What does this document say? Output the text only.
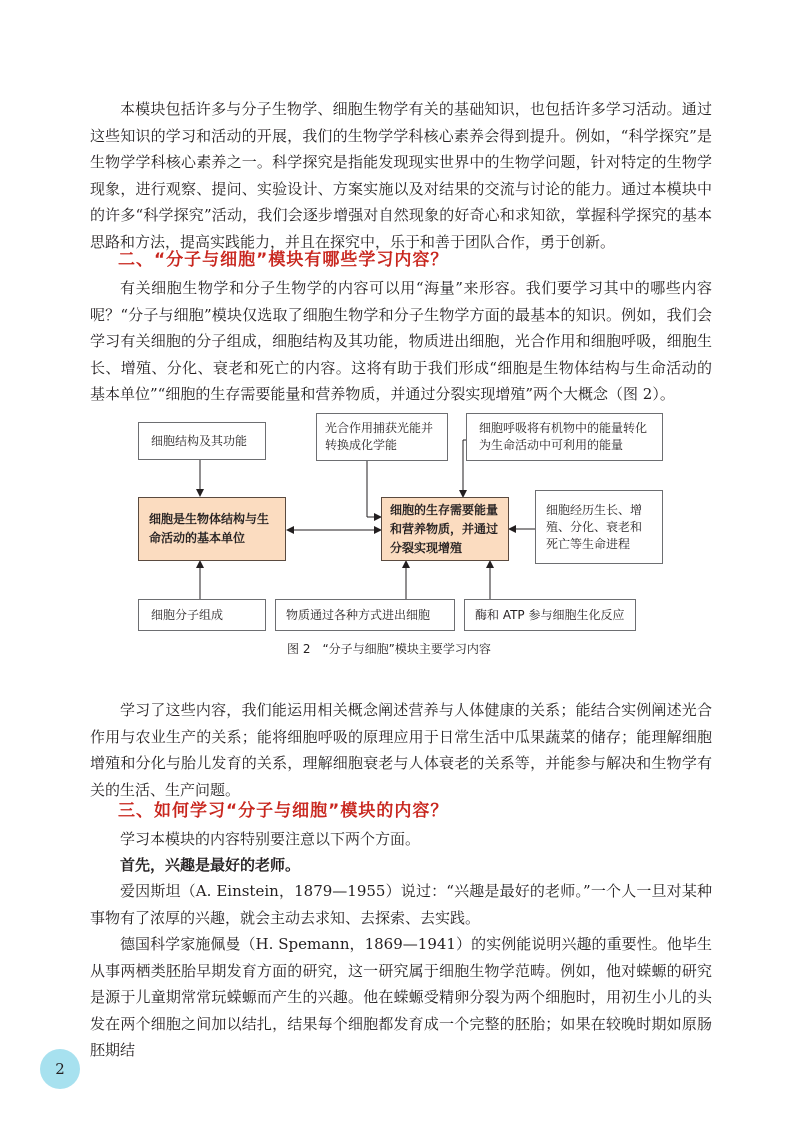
本模块包括许多与分子生物学、细胞生物学有关的基础知识，也包括许多学习活动。通过这些知识的学习和活动的开展，我们的生物学学科核心素养会得到提升。例如，“科学探究”是生物学学科核心素养之一。科学探究是指能发现现实世界中的生物学问题，针对特定的生物学现象，进行观察、提问、实验设计、方案实施以及对结果的交流与讨论的能力。通过本模块中的许多“科学探究”活动，我们会逐步增强对自然现象的好奇心和求知欲，掌握科学探究的基本思路和方法，提高实践能力，并且在探究中，乐于和善于团队合作，勇于创新。

二、“分子与细胞”模块有哪些学习内容？

有关细胞生物学和分子生物学的内容可以用“海量”来形容。我们要学习其中的哪些内容呢？“分子与细胞”模块仅选取了细胞生物学和分子生物学方面的最基本的知识。例如，我们会学习有关细胞的分子组成，细胞结构及其功能，物质进出细胞，光合作用和细胞呼吸，细胞生长、增殖、分化、衰老和死亡的内容。这将有助于我们形成“细胞是生物体结构与生命活动的基本单位”“细胞的生存需要能量和营养物质，并通过分裂实现增殖”两个大概念（图 2）。

细胞结构及其功能
光合作用捕获光能并转换成化学能
细胞呼吸将有机物中的能量转化为生命活动中可利用的能量
细胞是生物体结构与生命活动的基本单位
细胞的生存需要能量和营养物质，并通过分裂实现增殖
细胞经历生长、增殖、分化、衰老和死亡等生命进程
细胞分子组成	物质通过各种方式进出细胞	酶和 ATP 参与细胞生化反应

图 2　“分子与细胞”模块主要学习内容

学习了这些内容，我们能运用相关概念阐述营养与人体健康的关系；能结合实例阐述光合作用与农业生产的关系；能将细胞呼吸的原理应用于日常生活中瓜果蔬菜的储存；能理解细胞增殖和分化与胎儿发育的关系，理解细胞衰老与人体衰老的关系等，并能参与解决和生物学有关的生活、生产问题。

三、如何学习“分子与细胞”模块的内容？

学习本模块的内容特别要注意以下两个方面。

首先，兴趣是最好的老师。

爱因斯坦（A. Einstein，1879—1955）说过：“兴趣是最好的老师。”一个人一旦对某种事物有了浓厚的兴趣，就会主动去求知、去探索、去实践。

德国科学家施佩曼（H. Spemann，1869—1941）的实例能说明兴趣的重要性。他毕生从事两栖类胚胎早期发育方面的研究，这一研究属于细胞生物学范畴。例如，他对蝾螈的研究是源于儿童期常常玩蝾螈而产生的兴趣。他在蝾螈受精卵分裂为两个细胞时，用初生小儿的头发在两个细胞之间加以结扎，结果每个细胞都发育成一个完整的胚胎；如果在较晚时期如原肠胚期结

2
